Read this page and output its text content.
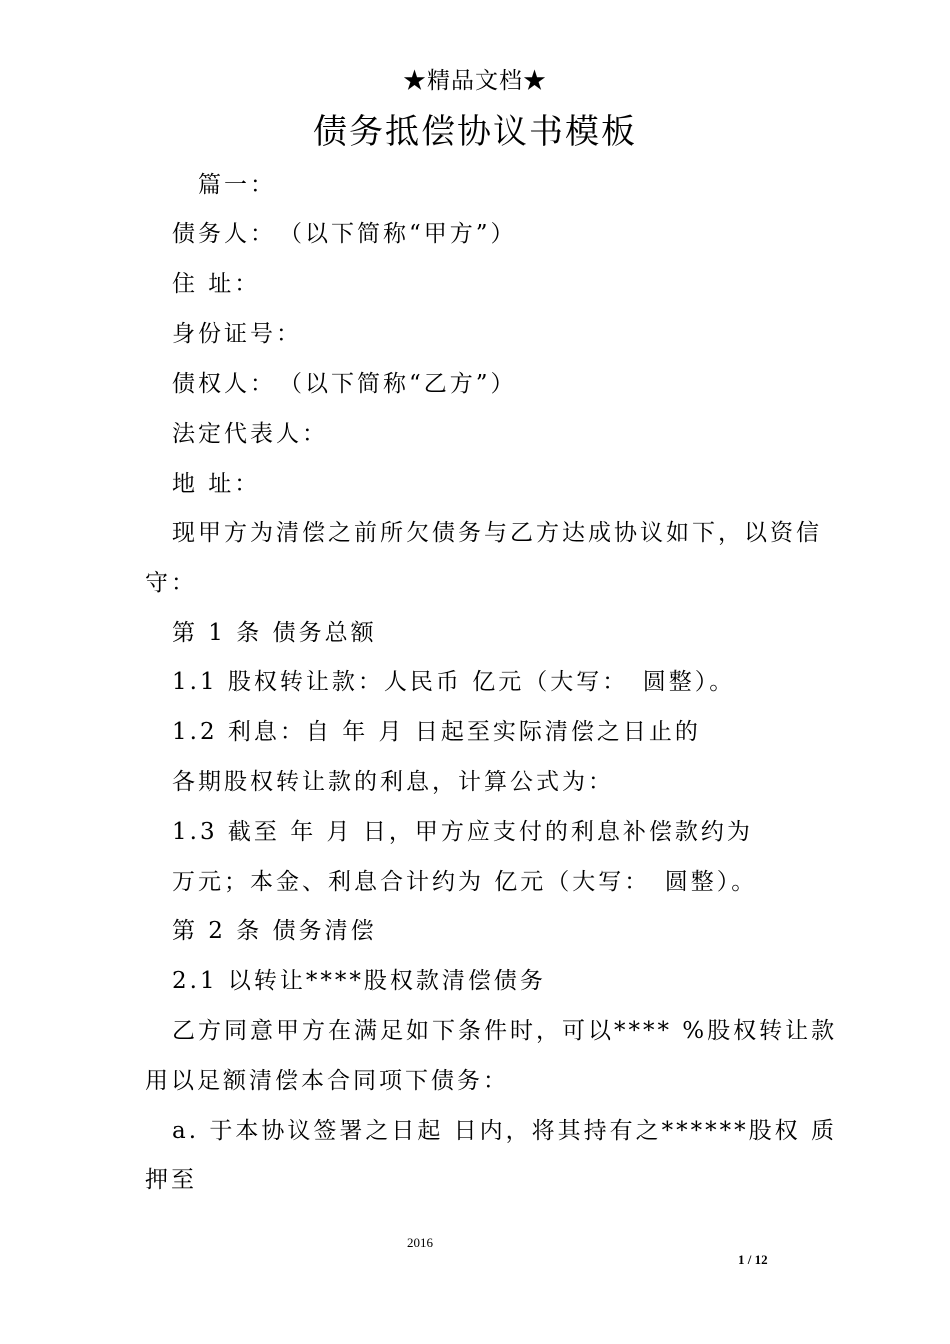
★精品文档★
债务抵偿协议书模板
篇一：
债务人：　（以下简称“甲方”）
住 址：
身份证号：
债权人：　（以下简称“乙方”）
法定代表人：
地 址：
现甲方为清偿之前所欠债务与乙方达成协议如下，以资信
守：
第 1 条 债务总额
1.1 股权转让款：人民币 亿元（大写：　圆整）。
1.2 利息：自 年 月 日起至实际清偿之日止的
各期股权转让款的利息，计算公式为：
1.3 截至 年 月 日，甲方应支付的利息补偿款约为
万元；本金、利息合计约为 亿元（大写：　圆整）。
第 2 条 债务清偿
2.1 以转让****股权款清偿债务
乙方同意甲方在满足如下条件时，可以**** %股权转让款
用以足额清偿本合同项下债务：
a. 于本协议签署之日起 日内，将其持有之******股权 质
押至
2016
1 / 12
